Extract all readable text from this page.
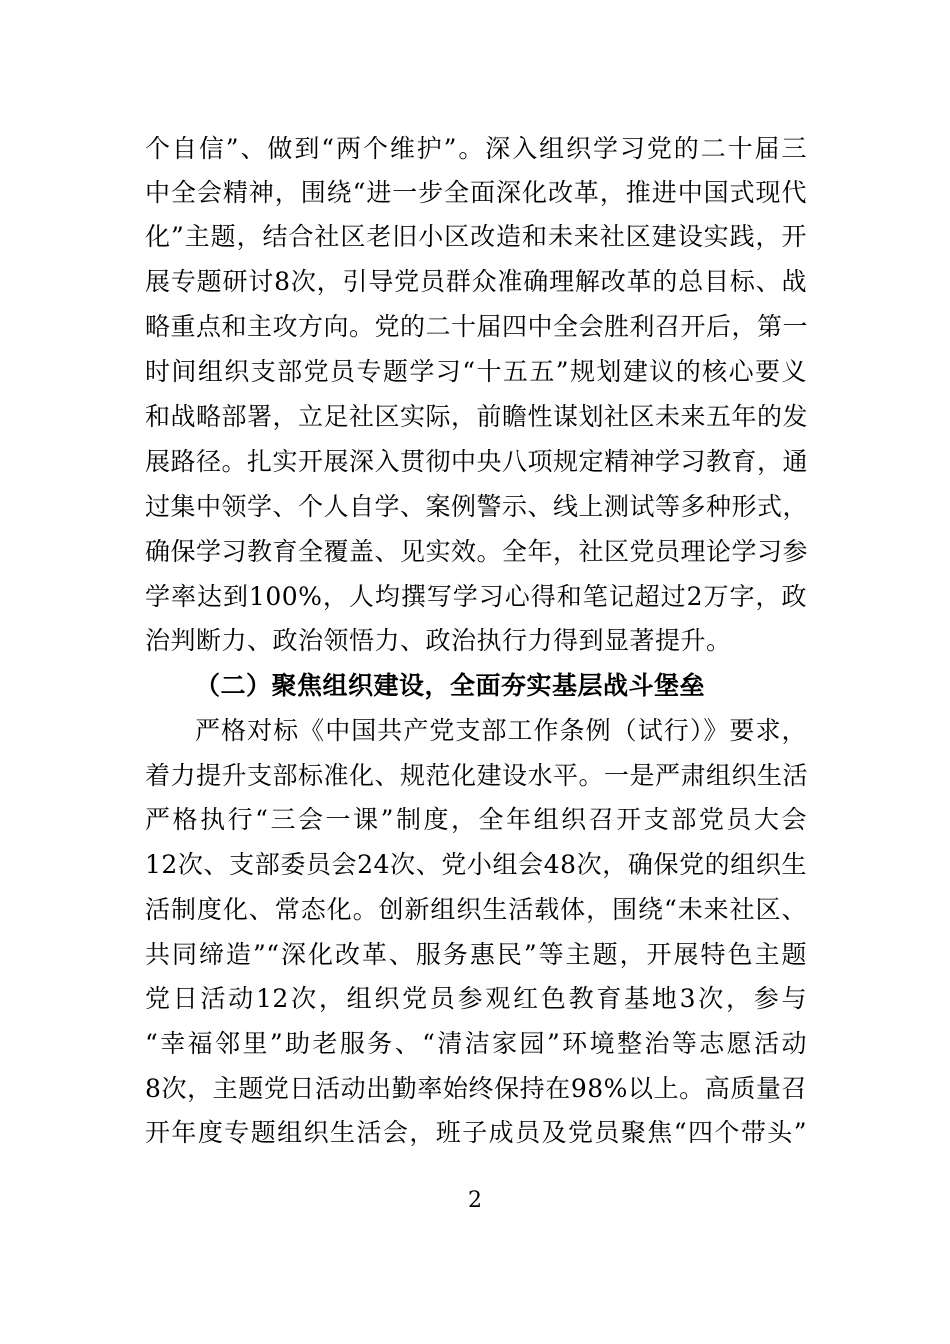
个自信”、做到“两个维护”。深入组织学习党的二十届三
中全会精神，围绕“进一步全面深化改革，推进中国式现代
化”主题，结合社区老旧小区改造和未来社区建设实践，开
展专题研讨8次，引导党员群众准确理解改革的总目标、战
略重点和主攻方向。党的二十届四中全会胜利召开后，第一
时间组织支部党员专题学习“十五五”规划建议的核心要义
和战略部署，立足社区实际，前瞻性谋划社区未来五年的发
展路径。扎实开展深入贯彻中央八项规定精神学习教育，通
过集中领学、个人自学、案例警示、线上测试等多种形式，
确保学习教育全覆盖、见实效。全年，社区党员理论学习参
学率达到100%，人均撰写学习心得和笔记超过2万字，政
治判断力、政治领悟力、政治执行力得到显著提升。
（二）聚焦组织建设，全面夯实基层战斗堡垒
严格对标《中国共产党支部工作条例（试行）》要求，
着力提升支部标准化、规范化建设水平。一是严肃组织生活
严格执行“三会一课”制度，全年组织召开支部党员大会
12次、支部委员会24次、党小组会48次，确保党的组织生
活制度化、常态化。创新组织生活载体，围绕“未来社区、
共同缔造”“深化改革、服务惠民”等主题，开展特色主题
党日活动12次，组织党员参观红色教育基地3次，参与
“幸福邻里”助老服务、“清洁家园”环境整治等志愿活动
8次，主题党日活动出勤率始终保持在98%以上。高质量召
开年度专题组织生活会，班子成员及党员聚焦“四个带头”
2
